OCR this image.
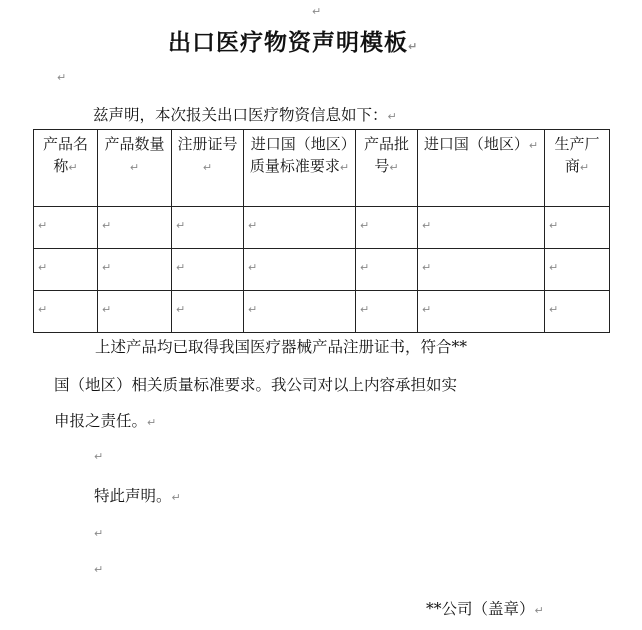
↵
出口医疗物资声明模板↵
↵
兹声明，本次报关出口医疗物资信息如下：↵
产品名称↵	产品数量↵	注册证号↵	进口国（地区）质量标准要求↵	产品批号↵	进口国（地区）↵	生产厂商↵
↵	↵	↵	↵	↵	↵	↵
↵	↵	↵	↵	↵	↵	↵
↵	↵	↵	↵	↵	↵	↵
上述产品均已取得我国医疗器械产品注册证书，符合**
国（地区）相关质量标准要求。我公司对以上内容承担如实
申报之责任。↵
↵
特此声明。↵
↵
↵
**公司（盖章）↵
